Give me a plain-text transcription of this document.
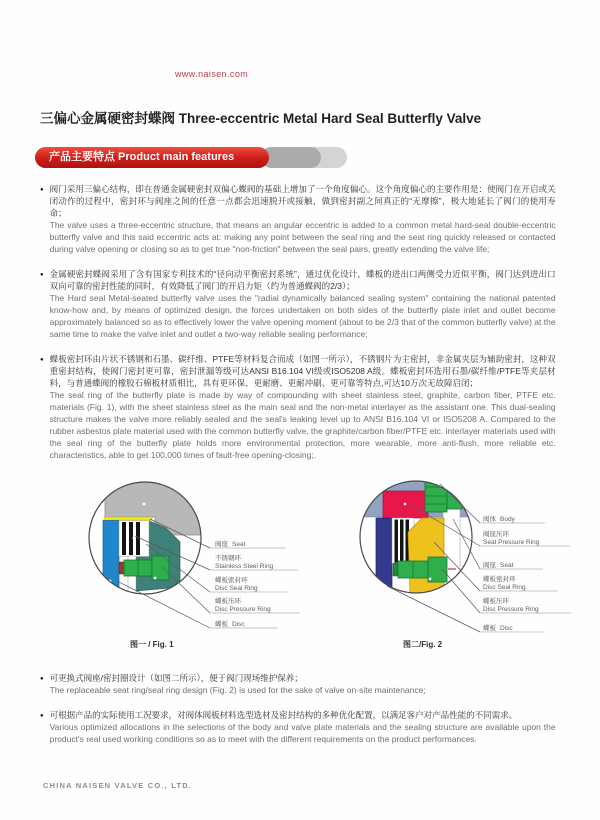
www.naisen.com
三偏心金属硬密封蝶阀 Three-eccentric Metal Hard Seal Butterfly Valve
产品主要特点 Product main features
● 阀门采用三偏心结构，即在普通金属硬密封双偏心蝶阀的基础上增加了一个角度偏心。这个角度偏心的主要作用是：使阀门在开启或关闭动作的过程中，密封环与阀座之间的任意一点都会迅速脱开或接触，做到密封副之间真正的“无摩擦”，极大地延长了阀门的使用寿命；
The valve uses a three-eccentric structure, that means an angular eccentric is added to a common metal hard-seal double-eccentric butterfly valve and this said eccentric acts at: making any point between the seal ring and the seat ring quickly released or contacted during valve opening or closing so as to get true "non-friction" between the seal pairs, greatly extending the valve life;
● 金属硬密封蝶阀采用了含有国家专利技术的“径向动平衡密封系统”，通过优化设计，蝶板的进出口两侧受力近似平衡，阀门达到进出口双向可靠的密封性能的同时，有效降低了阀门的开启力矩（约为普通蝶阀的2/3）；
The Hard seal Metal-seated butterfly valve uses the "radial dynamically balanced sealing system" containing the national patented know-how and, by means of optimized design, the forces undertaken on both sides of the butterfly plate inlet and outlet become approximately balanced so as to effectively lower the valve opening moment (about to be 2/3 that of the common butterfly valve) at the same time to make the valve inlet and outlet a two-way reliable sealing performance;
● 蝶板密封环由片状不锈钢和石墨、碳纤维、PTFE等材料复合而成（如图一所示），不锈钢片为主密封，非金属夹层为辅助密封，这种双重密封结构，使阀门密封更可靠，密封泄漏等级可达ANSI B16.104 VI级或ISO5208 A级。蝶板密封环选用石墨/碳纤维/PTFE等夹层材料，与普通蝶阀的橡胶石棉板材质相比，具有更环保、更耐磨、更耐冲刷、更可靠等特点,可达10万次无故障启闭；
The seal ring of the butterfly plate is made by way of compounding with sheet stainless steel, graphite, carbon fiber, PTFE etc. materials (Fig. 1), with the sheet stainless steel as the main seal and the non-metal interlayer as the assistant one. This dual-sealing structure makes the valve more reliably sealed and the seal's leaking level up to ANSI B16.104 VI or ISO5208 A. Compared to the rubber asbestos plate material used with the common butterfly valve, the graphite/carbon fiber/PTFE etc. interlayer materials used with the seal ring of the butterfly plate holds more environmental protection, more wearable, more anti-flush, more reliable etc. characteristics, able to get 100,000 times of fault-free opening-closing;.
阀座 Seat
不锈钢环
Stainless Steel Ring
蝶板密封环
Disc Seal Ring
蝶板压环
Disc Pressure Ring
蝶板 Disc
图一 / Fig. 1
阀体 Body
阀座压环
Seat Pressure Ring
阀座 Seat
蝶板密封环
Disc Seal Ring
蝶板压环
Disc Pressure Ring
蝶板 Disc
图二/Fig. 2
● 可更换式阀座/密封圈设计（如图二所示），便于阀门现场维护保养；
The replaceable seat ring/seal ring design (Fig. 2) is used for the sake of valve on-site maintenance;
● 可根据产品的实际使用工况要求，对阀体阀板材料选型选材及密封结构的多种优化配置，以满足客户对产品性能的不同需求。
Various optimized allocations in the selections of the body and valve plate materials and the sealing structure are available upon the product's real used working conditions so as to meet with the different requirements on the product performances.
CHINA NAISEN VALVE CO., LTD.
